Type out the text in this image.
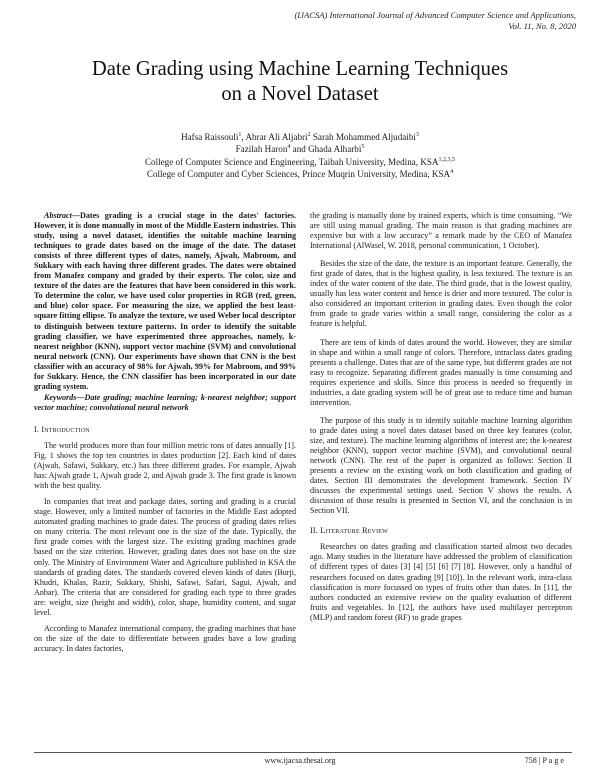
(IJACSA) International Journal of Advanced Computer Science and Applications,
Vol. 11, No. 8, 2020
Date Grading using Machine Learning Techniques
on a Novel Dataset
Hafsa Raissouli$^1$, Abrar Ali Aljabri$^2$ Sarah Mohammed Aljudaibi$^3$
Fazilah Haron$^4$ and Ghada Alharbi$^5$
College of Computer Science and Engineering, Taibah University, Medina, KSA$^{1,2,3,5}$
College of Computer and Cyber Sciences, Prince Muqrin University, Medina, KSA$^4$

Abstract—Dates grading is a crucial stage in the dates' factories. However, it is done manually in most of the Middle Eastern industries. This study, using a novel dataset, identifies the suitable machine learning techniques to grade dates based on the image of the date. The dataset consists of three different types of dates, namely, Ajwah, Mabroom, and Sukkary with each having three different grades. The dates were obtained from Manafez company and graded by their experts. The color, size and texture of the dates are the features that have been considered in this work. To determine the color, we have used color properties in RGB (red, green, and blue) color space. For measuring the size, we applied the best least-square fitting ellipse. To analyze the texture, we used Weber local descriptor to distinguish between texture patterns. In order to identify the suitable grading classifier, we have experimented three approaches, namely, k-nearest neighbor (KNN), support vector machine (SVM) and convolutional neural network (CNN). Our experiments have shown that CNN is the best classifier with an accuracy of 98% for Ajwah, 99% for Mabroom, and 99% for Sukkary. Hence, the CNN classifier has been incorporated in our date grading system.

Keywords—Date grading; machine learning; k-nearest neighbor; support vector machine; convolutional neural network

I. Introduction

The world produces more than four million metric tons of dates annually [1]. Fig. 1 shows the top ten countries in dates production [2]. Each kind of dates (Ajwah, Safawi, Sukkary, etc.) has three different grades. For example, Ajwah has: Ajwah grade 1, Ajwah grade 2, and Ajwah grade 3. The first grade is known with the best quality.

In companies that treat and package dates, sorting and grading is a crucial stage. However, only a limited number of factories in the Middle East adopted automated grading machines to grade dates. The process of grading dates relies on many criteria. The most relevant one is the size of the date. Typically, the first grade comes with the largest size. The existing grading machines grade based on the size criterion. However, grading dates does not base on the size only. The Ministry of Environment Water and Agriculture published in KSA the standards of grading dates. The standards covered eleven kinds of dates (Burji, Khudri, Khalas, Razir, Sukkary, Shishi, Safawi, Safari, Sagui, Ajwah, and Anbar). The criteria that are considered for grading each type to three grades are: weight, size (height and width), color, shape, humidity content, and sugar level.

According to Manafez international company, the grading machines that base on the size of the date to differentiate between grades have a low grading accuracy. In dates factories,

the grading is manually done by trained experts, which is time consuming. “We are still using manual grading. The main reason is that grading machines are expensive but with a low accuracy” a remark made by the CEO of Manafez International (AlWasel, W. 2018, personal communication, 1 October).

Besides the size of the date, the texture is an important feature. Generally, the first grade of dates, that is the highest quality, is less textured. The texture is an index of the water content of the date. The third grade, that is the lowest quality, usually has less water content and hence is drier and more textured. The color is also considered an important criterion in grading dates. Even though the color from grade to grade varies within a small range, considering the color as a feature is helpful.

There are tens of kinds of dates around the world. However, they are similar in shape and within a small range of colors. Therefore, intraclass dates grading presents a challenge. Dates that are of the same type, but different grades are not easy to recognize. Separating different grades manually is time consuming and requires experience and skills. Since this process is needed so frequently in industries, a date grading system will be of great use to reduce time and human intervention.

The purpose of this study is to identify suitable machine learning algorithm to grade dates using a novel dates dataset based on three key features (color, size, and texture). The machine learning algorithms of interest are; the k-nearest neighbor (KNN), support vector machine (SVM), and convolutional neural network (CNN). The rest of the paper is organized as follows: Section II presents a review on the existing work on both classification and grading of dates. Section III demonstrates the development framework. Section IV discusses the experimental settings used. Section V shows the results. A discussion of those results is presented in Section VI, and the conclusion is in Section VII.

II. Literature Review

Researches on dates grading and classification started almost two decades ago. Many studies in the literature have addressed the problem of classification of different types of dates [3] [4] [5] [6] [7] [8]. However, only a handful of researchers focused on dates grading [9] [10]). In the relevant work, intra-class classification is more focussed on types of fruits other than dates. In [11], the authors conducted an extensive review on the quality evaluation of different fruits and vegetables. In [12], the authors have used multilayer perceptron (MLP) and random forest (RF) to grade grapes

www.ijacsa.thesai.org	758 | P a g e
